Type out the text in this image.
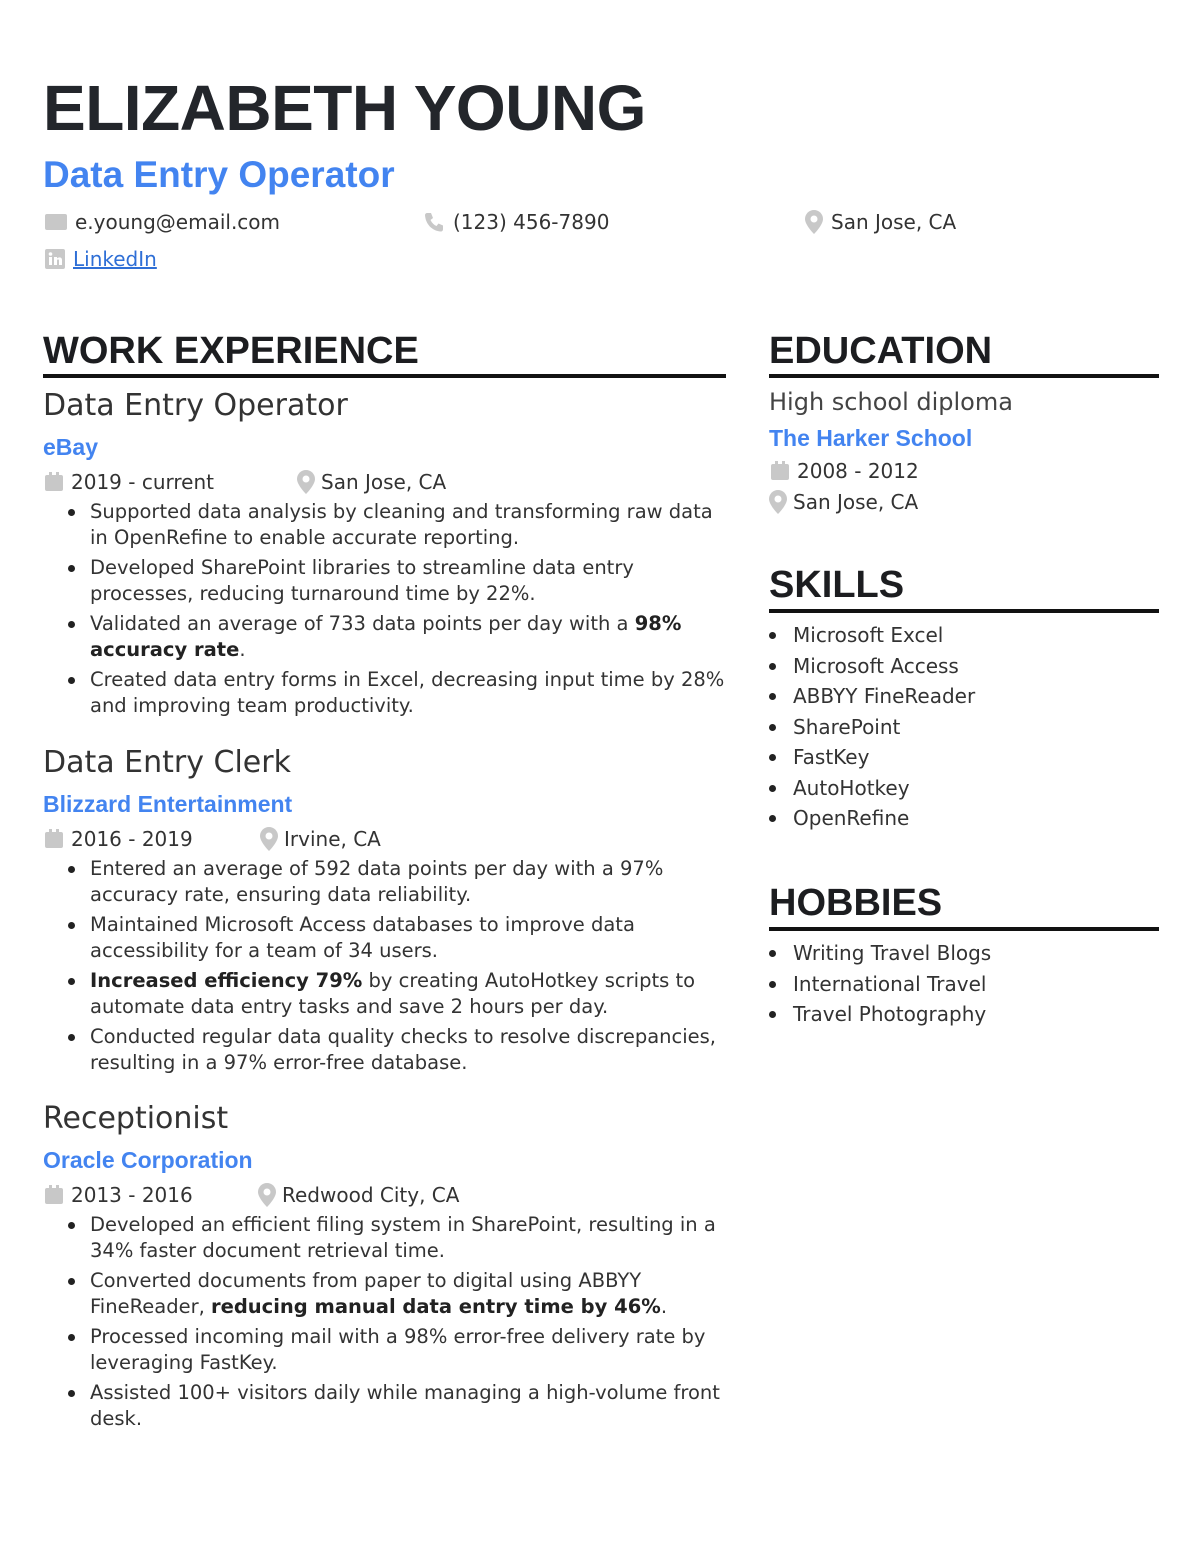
ELIZABETH YOUNG
Data Entry Operator
e.young@email.com	(123) 456-7890	San Jose, CA
LinkedIn
WORK EXPERIENCE
Data Entry Operator
eBay
2019 - current	San Jose, CA
Supported data analysis by cleaning and transforming raw data in OpenRefine to enable accurate reporting.
Developed SharePoint libraries to streamline data entry processes, reducing turnaround time by 22%.
Validated an average of 733 data points per day with a 98% accuracy rate.
Created data entry forms in Excel, decreasing input time by 28% and improving team productivity.
Data Entry Clerk
Blizzard Entertainment
2016 - 2019	Irvine, CA
Entered an average of 592 data points per day with a 97% accuracy rate, ensuring data reliability.
Maintained Microsoft Access databases to improve data accessibility for a team of 34 users.
Increased efficiency 79% by creating AutoHotkey scripts to automate data entry tasks and save 2 hours per day.
Conducted regular data quality checks to resolve discrepancies, resulting in a 97% error-free database.
Receptionist
Oracle Corporation
2013 - 2016	Redwood City, CA
Developed an efficient filing system in SharePoint, resulting in a 34% faster document retrieval time.
Converted documents from paper to digital using ABBYY FineReader, reducing manual data entry time by 46%.
Processed incoming mail with a 98% error-free delivery rate by leveraging FastKey.
Assisted 100+ visitors daily while managing a high-volume front desk.
EDUCATION
High school diploma
The Harker School
2008 - 2012
San Jose, CA
SKILLS
Microsoft Excel
Microsoft Access
ABBYY FineReader
SharePoint
FastKey
AutoHotkey
OpenRefine
HOBBIES
Writing Travel Blogs
International Travel
Travel Photography
